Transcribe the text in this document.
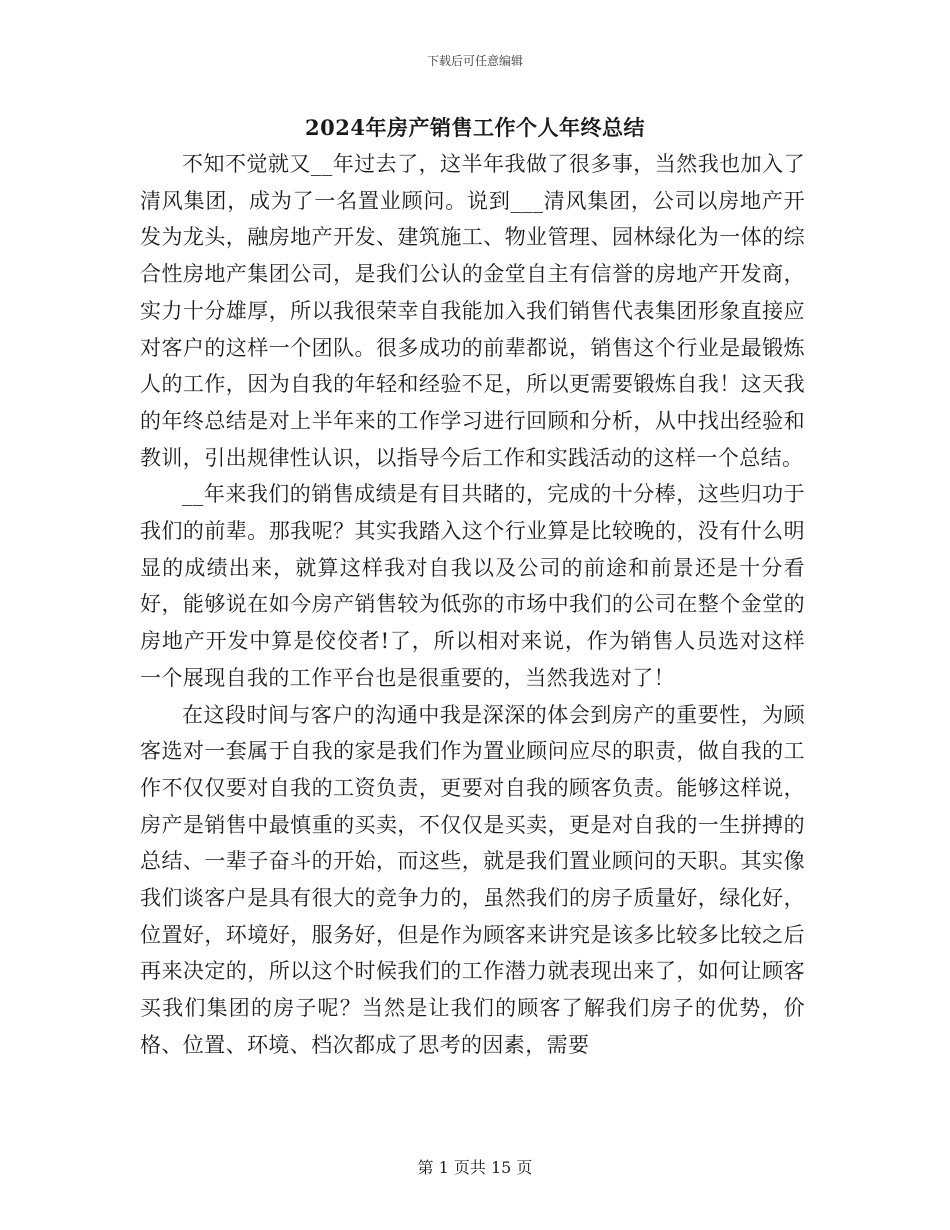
下载后可任意编辑
2024年房产销售工作个人年终总结

不知不觉就又__年过去了，这半年我做了很多事，当然我也加入了清风集团，成为了一名置业顾问。说到___清风集团，公司以房地产开发为龙头，融房地产开发、建筑施工、物业管理、园林绿化为一体的综合性房地产集团公司，是我们公认的金堂自主有信誉的房地产开发商，实力十分雄厚，所以我很荣幸自我能加入我们销售代表集团形象直接应对客户的这样一个团队。很多成功的前辈都说，销售这个行业是最锻炼人的工作，因为自我的年轻和经验不足，所以更需要锻炼自我！这天我的年终总结是对上半年来的工作学习进行回顾和分析，从中找出经验和教训，引出规律性认识，以指导今后工作和实践活动的这样一个总结。

__年来我们的销售成绩是有目共睹的，完成的十分棒，这些归功于我们的前辈。那我呢？其实我踏入这个行业算是比较晚的，没有什么明显的成绩出来，就算这样我对自我以及公司的前途和前景还是十分看好，能够说在如今房产销售较为低弥的市场中我们的公司在整个金堂的房地产开发中算是佼佼者!了，所以相对来说，作为销售人员选对这样一个展现自我的工作平台也是很重要的，当然我选对了！

在这段时间与客户的沟通中我是深深的体会到房产的重要性，为顾客选对一套属于自我的家是我们作为置业顾问应尽的职责，做自我的工作不仅仅要对自我的工资负责，更要对自我的顾客负责。能够这样说，房产是销售中最慎重的买卖，不仅仅是买卖，更是对自我的一生拼搏的总结、一辈子奋斗的开始，而这些，就是我们置业顾问的天职。其实像我们谈客户是具有很大的竞争力的，虽然我们的房子质量好，绿化好，位置好，环境好，服务好，但是作为顾客来讲究是该多比较多比较之后再来决定的，所以这个时候我们的工作潜力就表现出来了，如何让顾客买我们集团的房子呢？当然是让我们的顾客了解我们房子的优势，价格、位置、环境、档次都成了思考的因素，需要

第 1 页共 15 页
